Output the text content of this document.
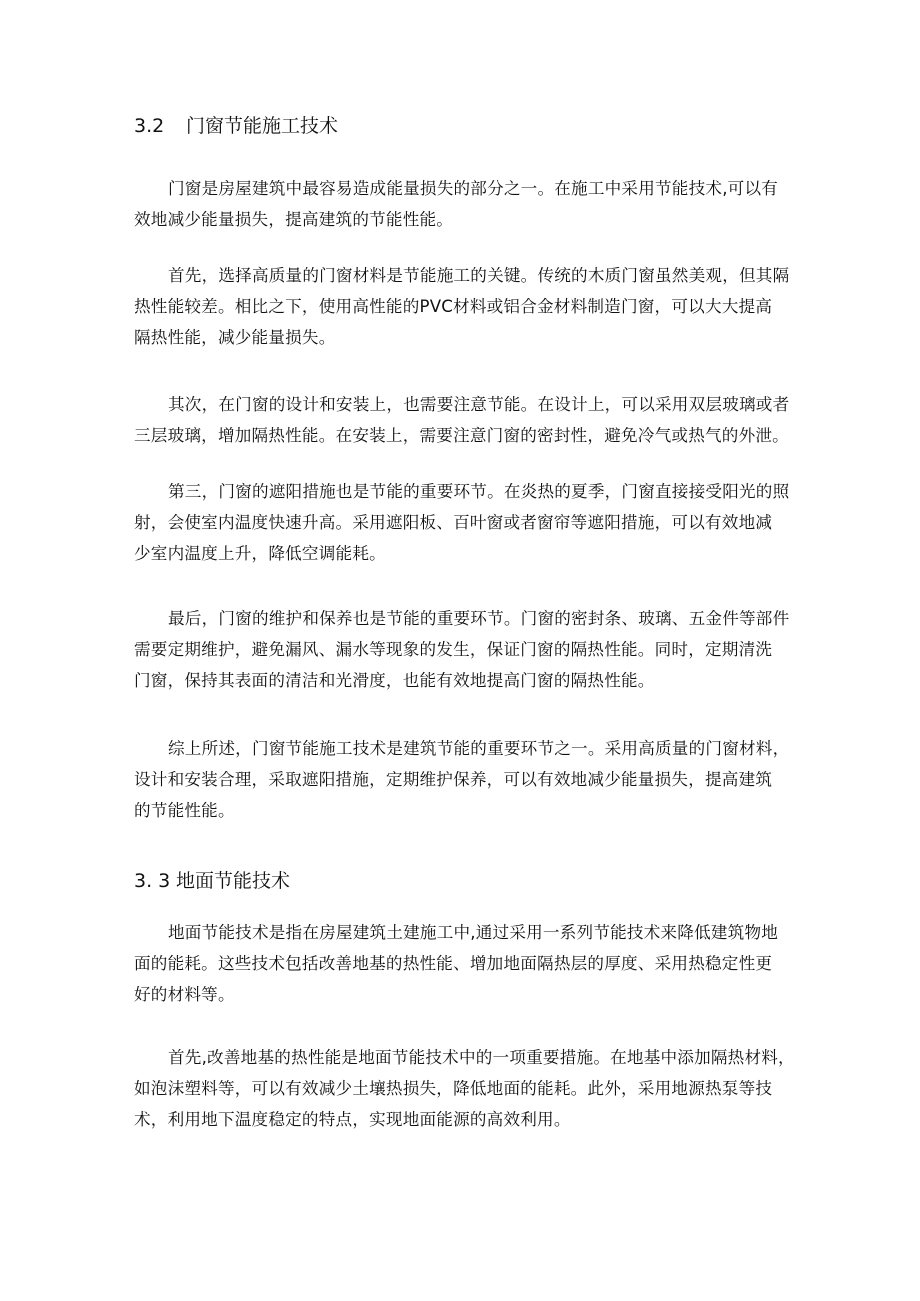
3.2 门窗节能施工技术

门窗是房屋建筑中最容易造成能量损失的部分之一。在施工中采用节能技术,可以有
效地减少能量损失，提高建筑的节能性能。

首先，选择高质量的门窗材料是节能施工的关键。传统的木质门窗虽然美观，但其隔
热性能较差。相比之下，使用高性能的PVC材料或铝合金材料制造门窗，可以大大提高
隔热性能，减少能量损失。

其次，在门窗的设计和安装上，也需要注意节能。在设计上，可以采用双层玻璃或者
三层玻璃，增加隔热性能。在安装上，需要注意门窗的密封性，避免冷气或热气的外泄。

第三，门窗的遮阳措施也是节能的重要环节。在炎热的夏季，门窗直接接受阳光的照
射，会使室内温度快速升高。采用遮阳板、百叶窗或者窗帘等遮阳措施，可以有效地减
少室内温度上升，降低空调能耗。

最后，门窗的维护和保养也是节能的重要环节。门窗的密封条、玻璃、五金件等部件
需要定期维护，避免漏风、漏水等现象的发生，保证门窗的隔热性能。同时，定期清洗
门窗，保持其表面的清洁和光滑度，也能有效地提高门窗的隔热性能。

综上所述，门窗节能施工技术是建筑节能的重要环节之一。采用高质量的门窗材料，
设计和安装合理，采取遮阳措施，定期维护保养，可以有效地减少能量损失，提高建筑
的节能性能。

3. 3 地面节能技术

地面节能技术是指在房屋建筑土建施工中,通过采用一系列节能技术来降低建筑物地
面的能耗。这些技术包括改善地基的热性能、增加地面隔热层的厚度、采用热稳定性更
好的材料等。

首先,改善地基的热性能是地面节能技术中的一项重要措施。在地基中添加隔热材料，
如泡沫塑料等，可以有效减少土壤热损失，降低地面的能耗。此外，采用地源热泵等技
术，利用地下温度稳定的特点，实现地面能源的高效利用。
